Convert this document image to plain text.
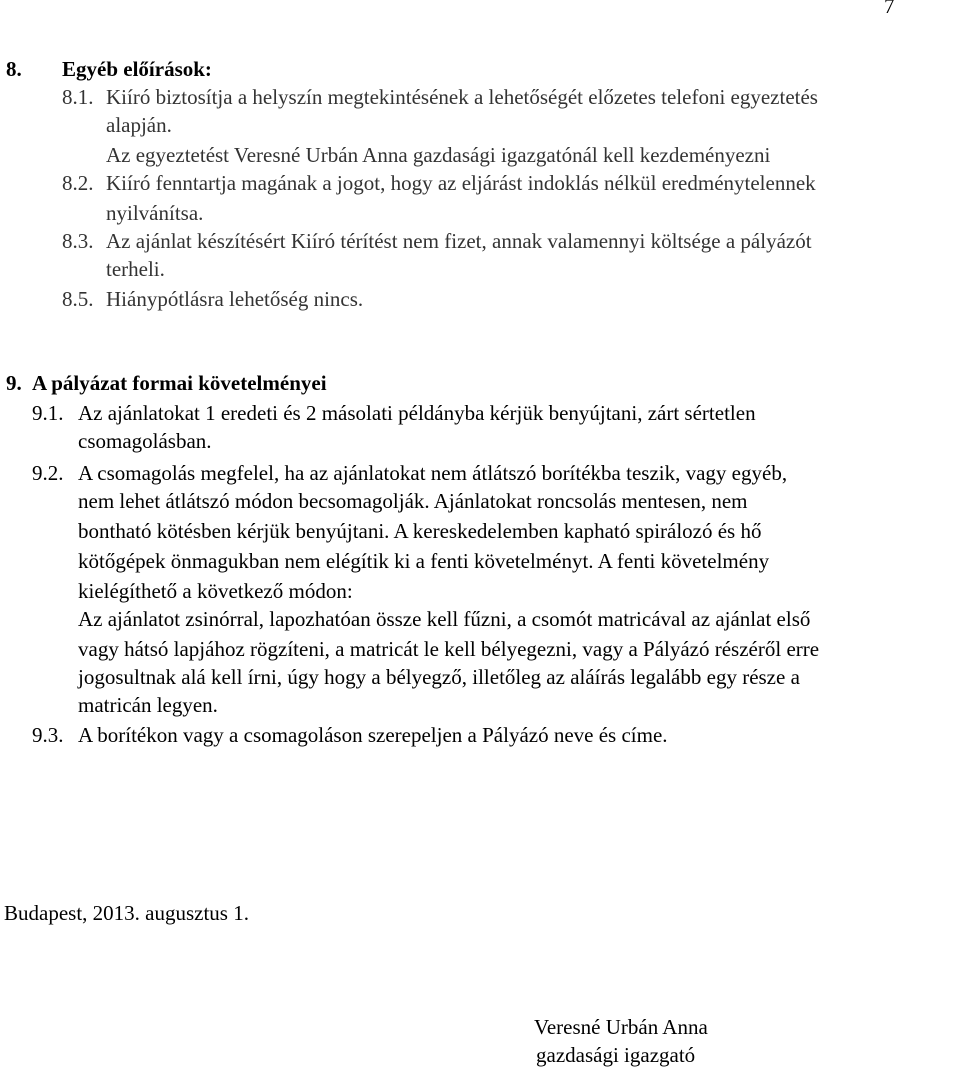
7
8. Egyéb előírások:
8.1. Kiíró biztosítja a helyszín megtekintésének a lehetőségét előzetes telefoni egyeztetés
alapján.
Az egyeztetést Veresné Urbán Anna gazdasági igazgatónál kell kezdeményezni
8.2. Kiíró fenntartja magának a jogot, hogy az eljárást indoklás nélkül eredménytelennek
nyilvánítsa.
8.3. Az ajánlat készítésért Kiíró térítést nem fizet, annak valamennyi költsége a pályázót
terheli.
8.5. Hiánypótlásra lehetőség nincs.
9. A pályázat formai követelményei
9.1. Az ajánlatokat 1 eredeti és 2 másolati példányba kérjük benyújtani, zárt sértetlen
csomagolásban.
9.2. A csomagolás megfelel, ha az ajánlatokat nem átlátszó borítékba teszik, vagy egyéb,
nem lehet átlátszó módon becsomagolják. Ajánlatokat roncsolás mentesen, nem
bontható kötésben kérjük benyújtani. A kereskedelemben kapható spirálozó és hő
kötőgépek önmagukban nem elégítik ki a fenti követelményt. A fenti követelmény
kielégíthető a következő módon:
Az ajánlatot zsinórral, lapozhatóan össze kell fűzni, a csomót matricával az ajánlat első
vagy hátsó lapjához rögzíteni, a matricát le kell bélyegezni, vagy a Pályázó részéről erre
jogosultnak alá kell írni, úgy hogy a bélyegző, illetőleg az aláírás legalább egy része a
matricán legyen.
9.3. A borítékon vagy a csomagoláson szerepeljen a Pályázó neve és címe.
Budapest, 2013. augusztus 1.
Veresné Urbán Anna
gazdasági igazgató
